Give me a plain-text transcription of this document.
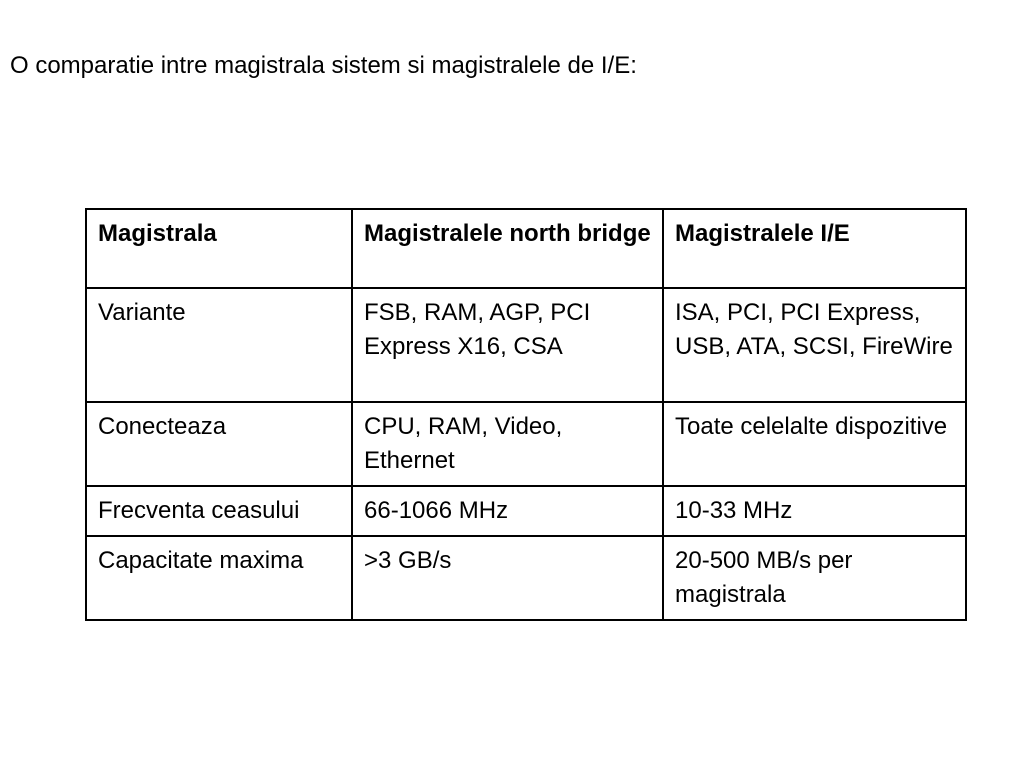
O comparatie intre magistrala sistem si magistralele de I/E:
Magistrala	Magistralele north bridge	Magistralele I/E
Variante	FSB, RAM, AGP, PCI Express X16, CSA	ISA, PCI, PCI Express, USB, ATA, SCSI, FireWire
Conecteaza	CPU, RAM, Video, Ethernet	Toate celelalte dispozitive
Frecventa ceasului	66-1066 MHz	10-33 MHz
Capacitate maxima	>3 GB/s	20-500 MB/s per magistrala
